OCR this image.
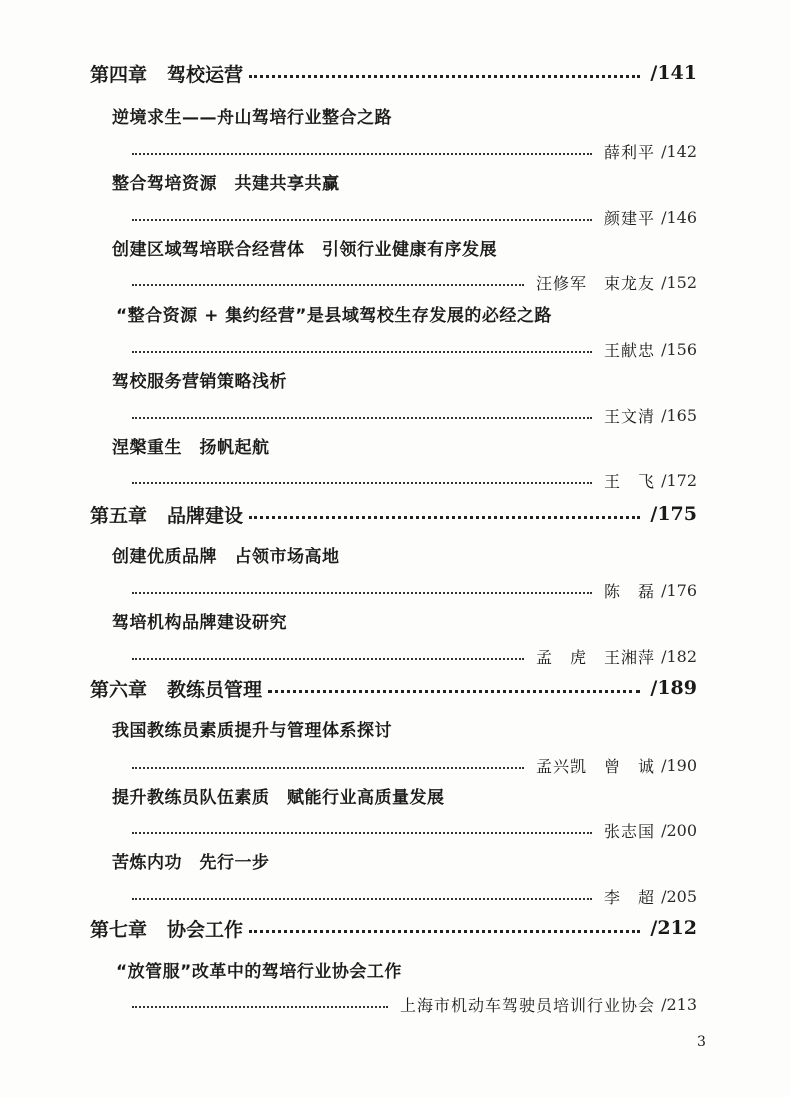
第四章 驾校运营	/141
逆境求生——舟山驾培行业整合之路
薛利平 /142
整合驾培资源　共建共享共赢
颜建平 /146
创建区域驾培联合经营体　引领行业健康有序发展
汪修军　束龙友 /152
“整合资源 + 集约经营”是县域驾校生存发展的必经之路
王献忠 /156
驾校服务营销策略浅析
王文清 /165
涅槃重生　扬帆起航
王　飞 /172
第五章 品牌建设	/175
创建优质品牌　占领市场高地
陈　磊 /176
驾培机构品牌建设研究
孟　虎　王湘萍 /182
第六章 教练员管理	/189
我国教练员素质提升与管理体系探讨
孟兴凯　曾　诚 /190
提升教练员队伍素质　赋能行业高质量发展
张志国 /200
苦炼内功　先行一步
李　超 /205
第七章 协会工作	/212
“放管服”改革中的驾培行业协会工作
上海市机动车驾驶员培训行业协会 /213
3
